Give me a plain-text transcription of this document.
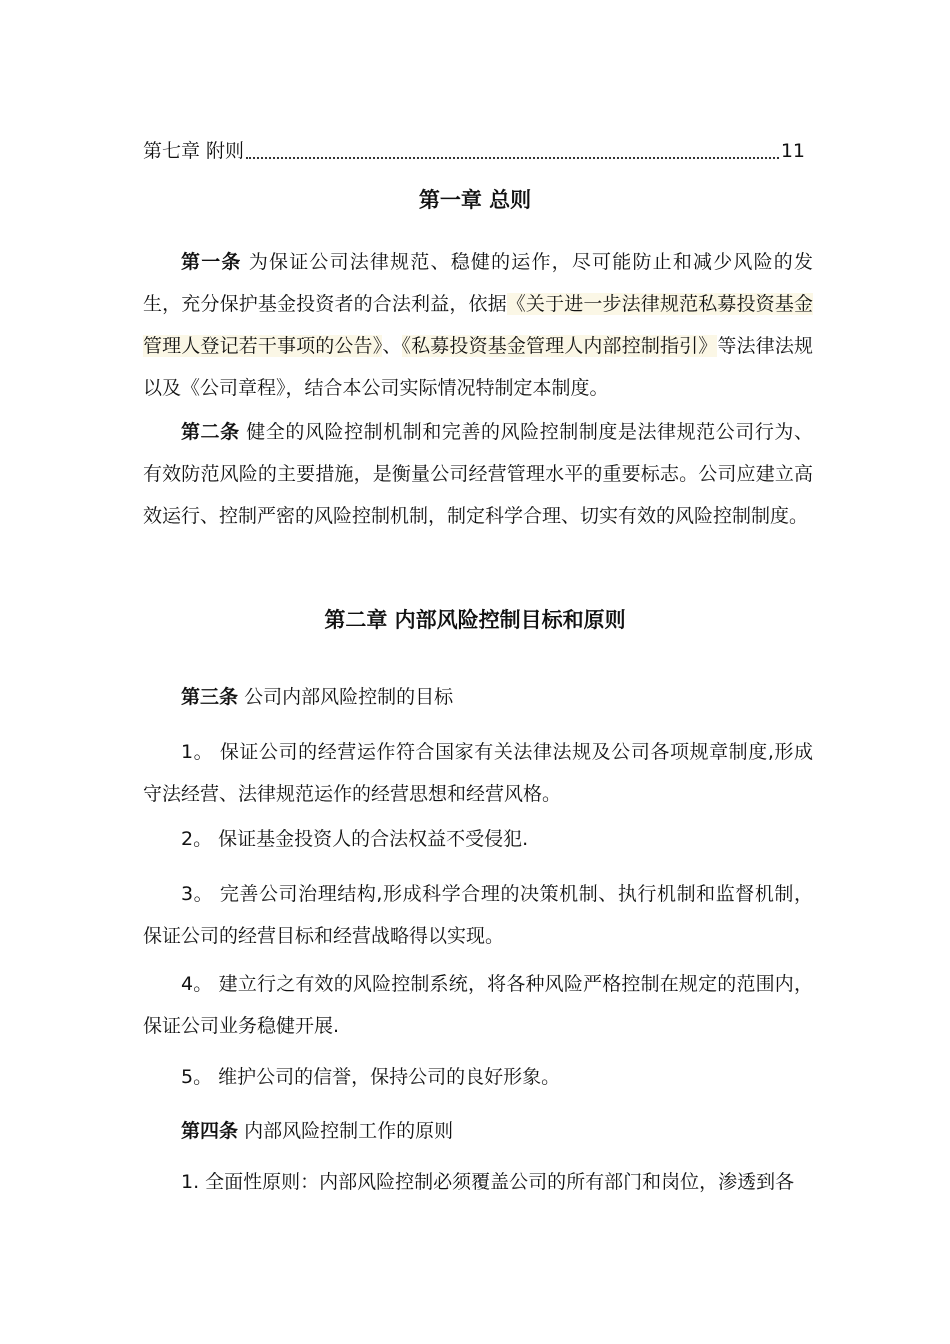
第七章 附则	11
第一章 总则
第一条 为保证公司法律规范、稳健的运作，尽可能防止和减少风险的发生，充分保护基金投资者的合法利益，依据《关于进一步法律规范私募投资基金管理人登记若干事项的公告》、《私募投资基金管理人内部控制指引》等法律法规以及《公司章程》，结合本公司实际情况特制定本制度。
第二条 健全的风险控制机制和完善的风险控制制度是法律规范公司行为、有效防范风险的主要措施，是衡量公司经营管理水平的重要标志。公司应建立高效运行、控制严密的风险控制机制，制定科学合理、切实有效的风险控制制度。
第二章 内部风险控制目标和原则
第三条 公司内部风险控制的目标
1。 保证公司的经营运作符合国家有关法律法规及公司各项规章制度,形成守法经营、法律规范运作的经营思想和经营风格。
2。 保证基金投资人的合法权益不受侵犯.
3。 完善公司治理结构,形成科学合理的决策机制、执行机制和监督机制，保证公司的经营目标和经营战略得以实现。
4。 建立行之有效的风险控制系统，将各种风险严格控制在规定的范围内，保证公司业务稳健开展.
5。 维护公司的信誉，保持公司的良好形象。
第四条 内部风险控制工作的原则
1. 全面性原则：内部风险控制必须覆盖公司的所有部门和岗位，渗透到各
